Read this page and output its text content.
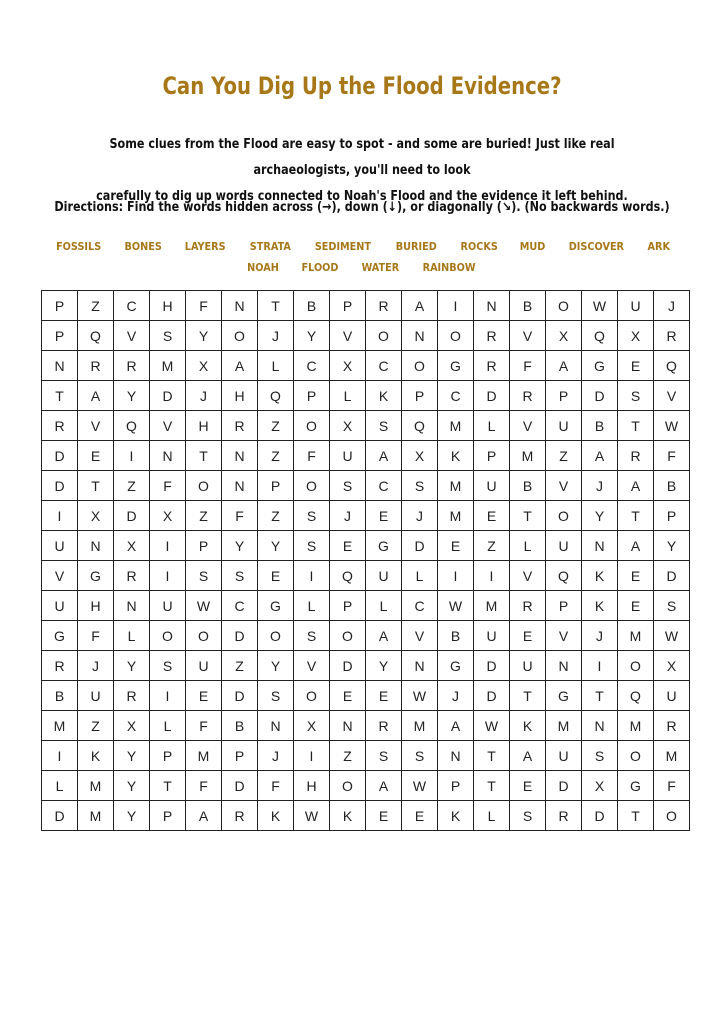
Can You Dig Up the Flood Evidence?
Some clues from the Flood are easy to spot - and some are buried! Just like real archaeologists, you'll need to look
carefully to dig up words connected to Noah's Flood and the evidence it left behind.
Directions: Find the words hidden across (→), down (↓), or diagonally (↘). (No backwards words.)
FOSSILS	BONES	LAYERS	STRATA	SEDIMENT	BURIED	ROCKS	MUD	DISCOVER	ARK
NOAH	FLOOD	WATER	RAINBOW
P	Z	C	H	F	N	T	B	P	R	A	I	N	B	O	W	U	J
P	Q	V	S	Y	O	J	Y	V	O	N	O	R	V	X	Q	X	R
N	R	R	M	X	A	L	C	X	C	O	G	R	F	A	G	E	Q
T	A	Y	D	J	H	Q	P	L	K	P	C	D	R	P	D	S	V
R	V	Q	V	H	R	Z	O	X	S	Q	M	L	V	U	B	T	W
D	E	I	N	T	N	Z	F	U	A	X	K	P	M	Z	A	R	F
D	T	Z	F	O	N	P	O	S	C	S	M	U	B	V	J	A	B
I	X	D	X	Z	F	Z	S	J	E	J	M	E	T	O	Y	T	P
U	N	X	I	P	Y	Y	S	E	G	D	E	Z	L	U	N	A	Y
V	G	R	I	S	S	E	I	Q	U	L	I	I	V	Q	K	E	D
U	H	N	U	W	C	G	L	P	L	C	W	M	R	P	K	E	S
G	F	L	O	O	D	O	S	O	A	V	B	U	E	V	J	M	W
R	J	Y	S	U	Z	Y	V	D	Y	N	G	D	U	N	I	O	X
B	U	R	I	E	D	S	O	E	E	W	J	D	T	G	T	Q	U
M	Z	X	L	F	B	N	X	N	R	M	A	W	K	M	N	M	R
I	K	Y	P	M	P	J	I	Z	S	S	N	T	A	U	S	O	M
L	M	Y	T	F	D	F	H	O	A	W	P	T	E	D	X	G	F
D	M	Y	P	A	R	K	W	K	E	E	K	L	S	R	D	T	O
